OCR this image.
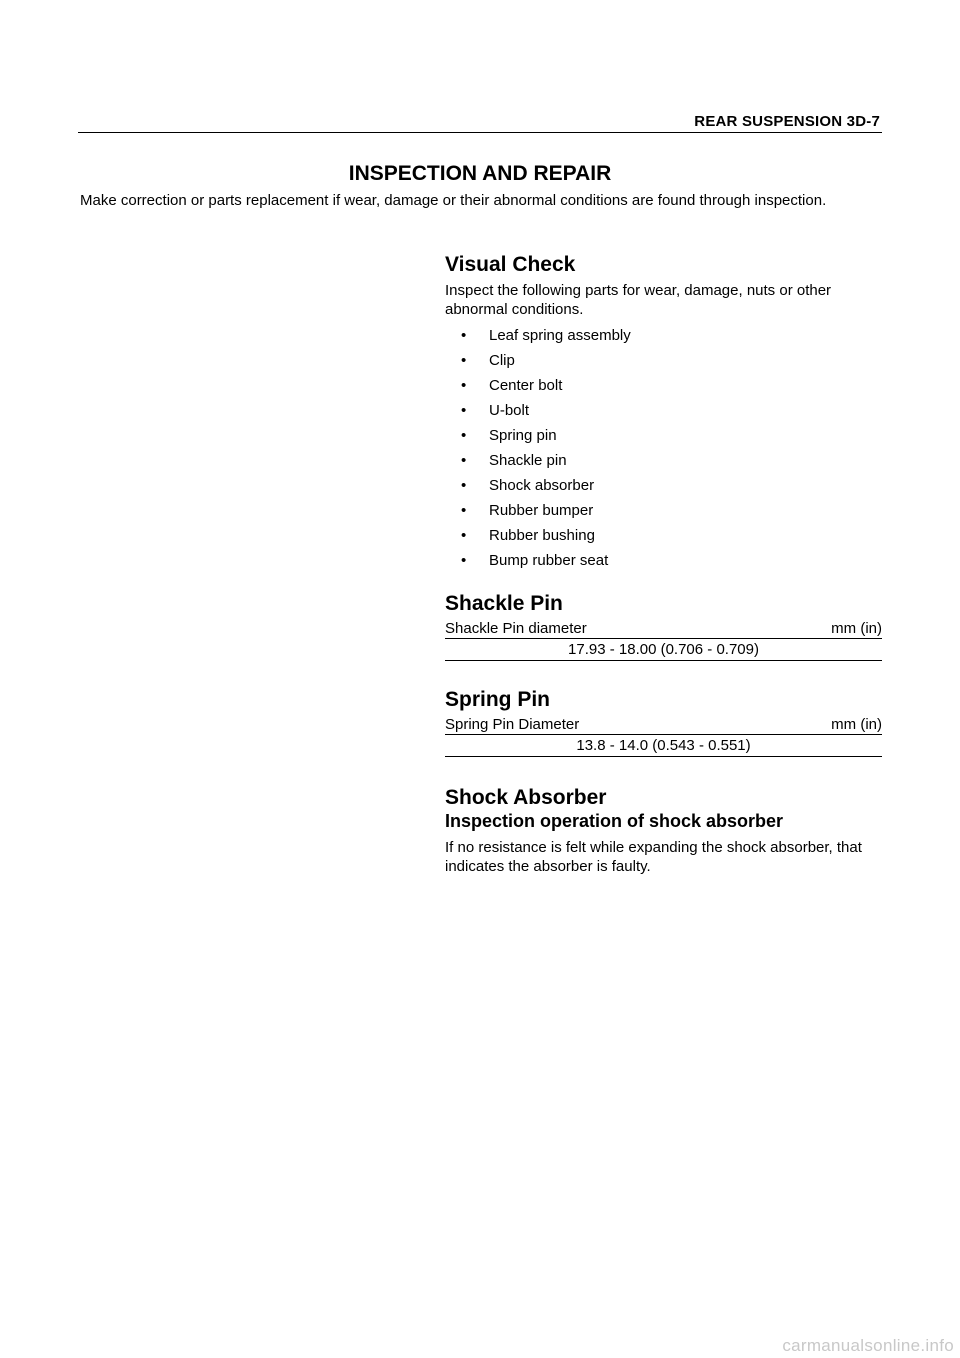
REAR SUSPENSION 3D-7
INSPECTION AND REPAIR
Make correction or parts replacement if wear, damage or their abnormal conditions are found through inspection.
Visual Check

Inspect the following parts for wear, damage, nuts or other abnormal conditions.

• Leaf spring assembly
• Clip
• Center bolt
• U-bolt
• Spring pin
• Shackle pin
• Shock absorber
• Rubber bumper
• Rubber bushing
• Bump rubber seat
Shackle Pin
Shackle Pin diameter	mm (in)
17.93 - 18.00 (0.706 - 0.709)
Spring Pin
Spring Pin Diameter	mm (in)
13.8 - 14.0 (0.543 - 0.551)
Shock Absorber
Inspection operation of shock absorber

If no resistance is felt while expanding the shock absorber, that indicates the absorber is faulty.

carmanualsonline.info
